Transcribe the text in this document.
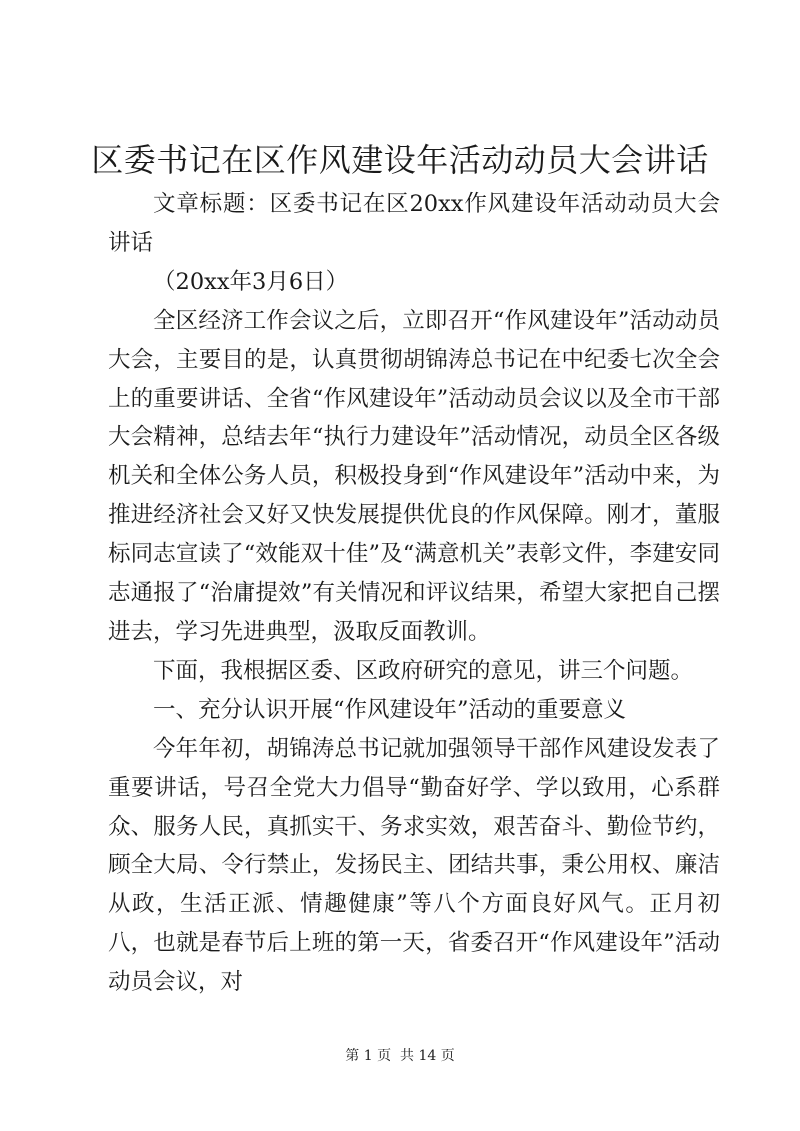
区委书记在区作风建设年活动动员大会讲话

文章标题：区委书记在区20xx作风建设年活动动员大会讲话

（20xx年3月6日）

全区经济工作会议之后，立即召开“作风建设年”活动动员大会，主要目的是，认真贯彻胡锦涛总书记在中纪委七次全会上的重要讲话、全省“作风建设年”活动动员会议以及全市干部大会精神，总结去年“执行力建设年”活动情况，动员全区各级机关和全体公务人员，积极投身到“作风建设年”活动中来，为推进经济社会又好又快发展提供优良的作风保障。刚才，董服标同志宣读了“效能双十佳”及“满意机关”表彰文件，李建安同志通报了“治庸提效”有关情况和评议结果，希望大家把自己摆进去，学习先进典型，汲取反面教训。

下面，我根据区委、区政府研究的意见，讲三个问题。

一、充分认识开展“作风建设年”活动的重要意义

今年年初，胡锦涛总书记就加强领导干部作风建设发表了重要讲话，号召全党大力倡导“勤奋好学、学以致用，心系群众、服务人民，真抓实干、务求实效，艰苦奋斗、勤俭节约，顾全大局、令行禁止，发扬民主、团结共事，秉公用权、廉洁从政，生活正派、情趣健康”等八个方面良好风气。正月初八，也就是春节后上班的第一天，省委召开“作风建设年”活动动员会议，对

第 1 页  共 14 页
